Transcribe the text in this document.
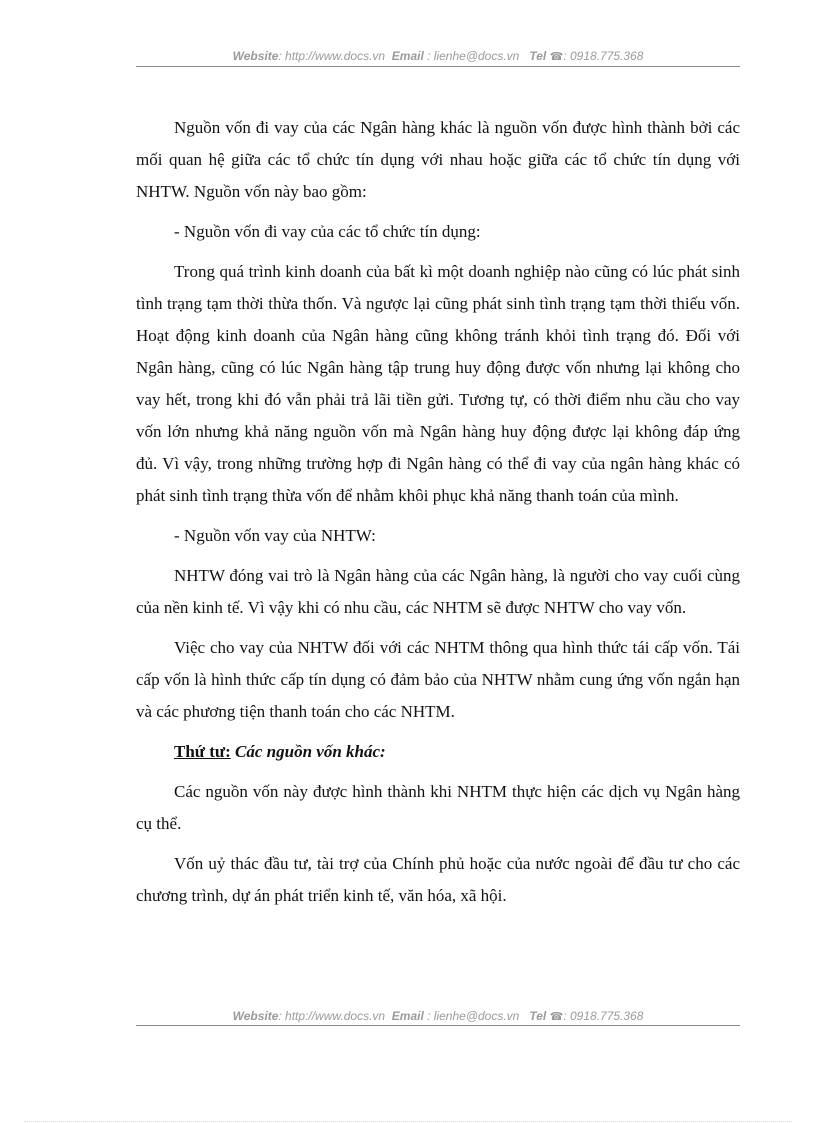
Website: http://www.docs.vn Email : lienhe@docs.vn Tel ☎: 0918.775.368

Nguồn vốn đi vay của các Ngân hàng khác là nguồn vốn được hình thành bởi các mối quan hệ giữa các tổ chức tín dụng với nhau hoặc giữa các tổ chức tín dụng với NHTW. Nguồn vốn này bao gồm:

- Nguồn vốn đi vay của các tổ chức tín dụng:

Trong quá trình kinh doanh của bất kì một doanh nghiệp nào cũng có lúc phát sinh tình trạng tạm thời thừa thốn. Và ngược lại cũng phát sinh tình trạng tạm thời thiếu vốn. Hoạt động kinh doanh của Ngân hàng cũng không tránh khỏi tình trạng đó. Đối với Ngân hàng, cũng có lúc Ngân hàng tập trung huy động được vốn nhưng lại không cho vay hết, trong khi đó vẫn phải trả lãi tiền gửi. Tương tự, có thời điểm nhu cầu cho vay vốn lớn nhưng khả năng nguồn vốn mà Ngân hàng huy động được lại không đáp ứng đủ. Vì vậy, trong những trường hợp đi Ngân hàng có thể đi vay của ngân hàng khác có phát sinh tình trạng thừa vốn để nhằm khôi phục khả năng thanh toán của mình.

- Nguồn vốn vay của NHTW:

NHTW đóng vai trò là Ngân hàng của các Ngân hàng, là người cho vay cuối cùng của nền kinh tế. Vì vậy khi có nhu cầu, các NHTM sẽ được NHTW cho vay vốn.

Việc cho vay của NHTW đối với các NHTM thông qua hình thức tái cấp vốn. Tái cấp vốn là hình thức cấp tín dụng có đảm bảo của NHTW nhằm cung ứng vốn ngắn hạn và các phương tiện thanh toán cho các NHTM.

Thứ tư: Các nguồn vốn khác:

Các nguồn vốn này được hình thành khi NHTM thực hiện các dịch vụ Ngân hàng cụ thể.

Vốn uỷ thác đầu tư, tài trợ của Chính phủ hoặc của nước ngoài để đầu tư cho các chương trình, dự án phát triển kinh tế, văn hóa, xã hội.

Website: http://www.docs.vn Email : lienhe@docs.vn Tel ☎: 0918.775.368
